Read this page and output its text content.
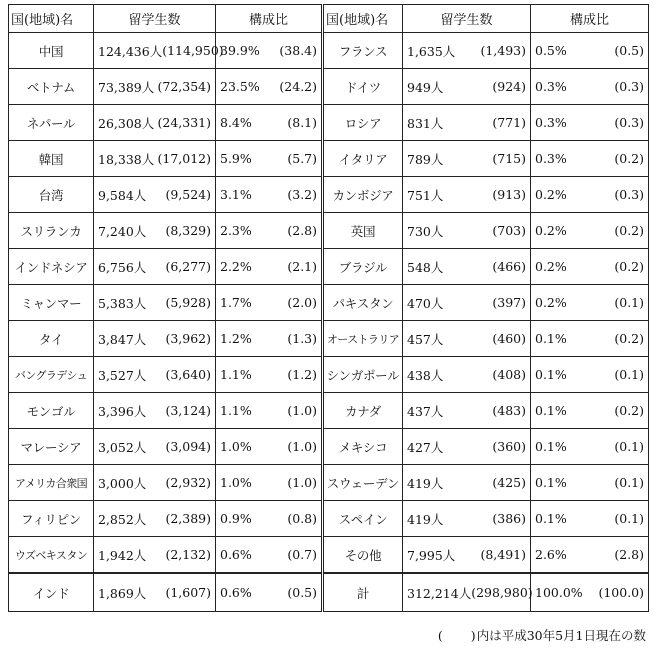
国(地域)名	留学生数	構成比	国(地域)名	留学生数	構成比
中国	124,436人 (114,950)	39.9% (38.4)	フランス	1,635人 (1,493)	0.5% (0.5)

ベトナム	73,389人 (72,354)	23.5% (24.2)	ドイツ	949人 (924)	0.3% (0.3)

ネパール	26,308人 (24,331)	8.4% (8.1)	ロシア	831人 (771)	0.3% (0.3)

韓国	18,338人 (17,012)	5.9% (5.7)	イタリア	789人 (715)	0.3% (0.2)

台湾	9,584人 (9,524)	3.1% (3.2)	カンボジア	751人 (913)	0.2% (0.3)

スリランカ	7,240人 (8,329)	2.3% (2.8)	英国	730人 (703)	0.2% (0.2)

インドネシア	6,756人 (6,277)	2.2% (2.1)	ブラジル	548人 (466)	0.2% (0.2)

ミャンマー	5,383人 (5,928)	1.7% (2.0)	パキスタン	470人 (397)	0.2% (0.1)

タイ	3,847人 (3,962)	1.2% (1.3)	オーストラリア	457人 (460)	0.1% (0.2)

バングラデシュ	3,527人 (3,640)	1.1% (1.2)	シンガポール	438人 (408)	0.1% (0.1)

モンゴル	3,396人 (3,124)	1.1% (1.0)	カナダ	437人 (483)	0.1% (0.2)

マレーシア	3,052人 (3,094)	1.0% (1.0)	メキシコ	427人 (360)	0.1% (0.1)

アメリカ合衆国	3,000人 (2,932)	1.0% (1.0)	スウェーデン	419人 (425)	0.1% (0.1)

フィリピン	2,852人 (2,389)	0.9% (0.8)	スペイン	419人 (386)	0.1% (0.1)

ウズベキスタン	1,942人 (2,132)	0.6% (0.7)	その他	7,995人 (8,491)	2.6% (2.8)

インド	1,869人 (1,607)	0.6% (0.5)	計	312,214人 (298,980)	100.0% (100.0)
(　　)内は平成30年5月1日現在の数
